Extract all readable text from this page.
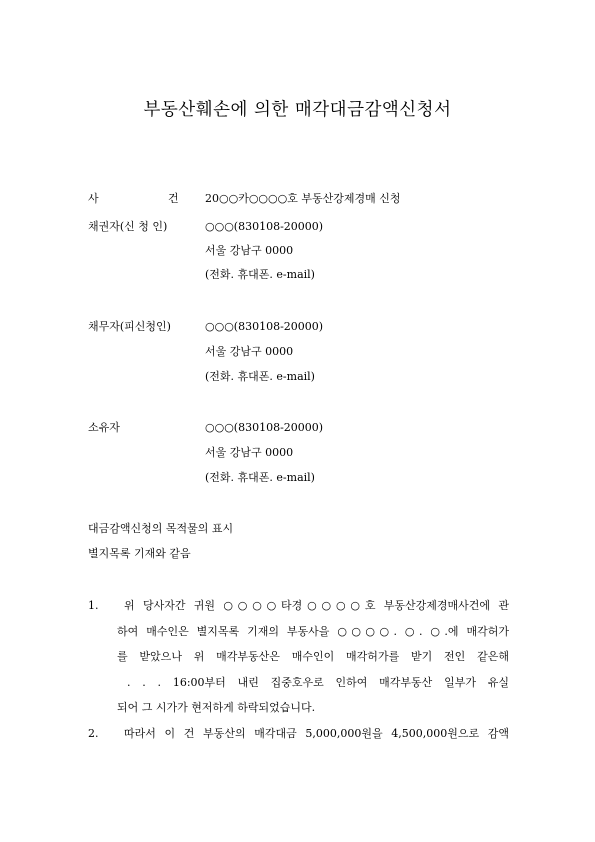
부동산훼손에 의한 매각대금감액신청서
사	건 20○○카○○○○호 부동산강제경매 신청
채권자(신 청 인)	○○○(830108-20000)
서울 강남구 0000
(전화. 휴대폰. e-mail)
채무자(피신청인)	○○○(830108-20000)
서울 강남구 0000
(전화. 휴대폰. e-mail)
소유자	○○○(830108-20000)
서울 강남구 0000
(전화. 휴대폰. e-mail)
대금감액신청의 목적물의 표시
별지목록 기재와 같음
1. 위 당사자간 귀원 ○○○○타경○○○○호 부동산강제경매사건에 관
하여 매수인은 별지목록 기재의 부동사을 ○○○○. ○. ○.에 매각허가
를 받았으나 위 매각부동산은 매수인이 매각허가를 받기 전인 같은해
. . . 16:00부터 내린 집중호우로 인하여 매각부동산 일부가 유실
되어 그 시가가 현저하게 하락되었습니다.
2. 따라서 이 건 부동산의 매각대금 5,000,000원을 4,500,000원으로 감액
